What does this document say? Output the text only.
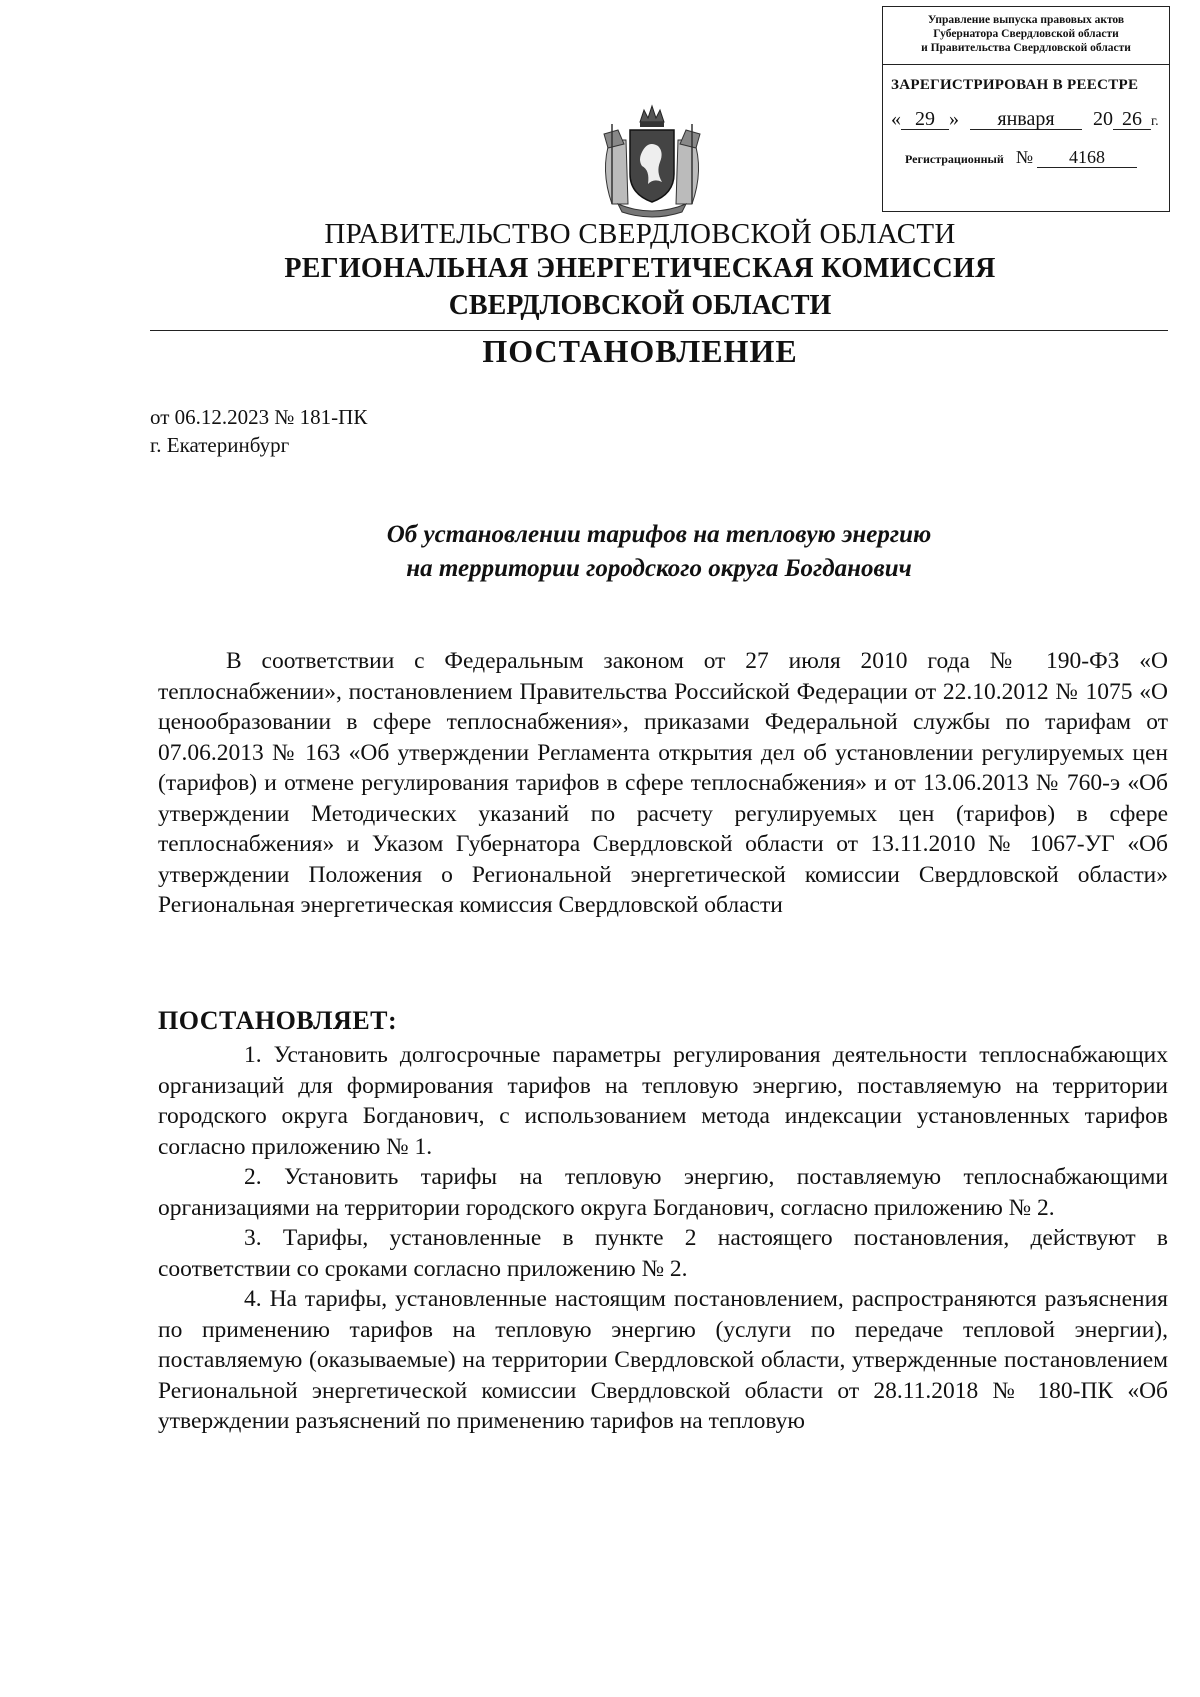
Управление выпуска правовых актов
Губернатора Свердловской области
и Правительства Свердловской области
ЗАРЕГИСТРИРОВАН В РЕЕСТРЕ
« 29 » января 20 26 г.
Регистрационный № 4168
ПРАВИТЕЛЬСТВО СВЕРДЛОВСКОЙ ОБЛАСТИ
РЕГИОНАЛЬНАЯ ЭНЕРГЕТИЧЕСКАЯ КОМИССИЯ
СВЕРДЛОВСКОЙ ОБЛАСТИ
ПОСТАНОВЛЕНИЕ
от 06.12.2023 № 181-ПК
г. Екатеринбург
Об установлении тарифов на тепловую энергию
на территории городского округа Богданович

В соответствии с Федеральным законом от 27 июля 2010 года № 190-ФЗ «О теплоснабжении», постановлением Правительства Российской Федерации от 22.10.2012 № 1075 «О ценообразовании в сфере теплоснабжения», приказами Федеральной службы по тарифам от 07.06.2013 № 163 «Об утверждении Регламента открытия дел об установлении регулируемых цен (тарифов) и отмене регулирования тарифов в сфере теплоснабжения» и от 13.06.2013 № 760-э «Об утверждении Методических указаний по расчету регулируемых цен (тарифов) в сфере теплоснабжения» и Указом Губернатора Свердловской области от 13.11.2010 № 1067-УГ «Об утверждении Положения о Региональной энергетической комиссии Свердловской области» Региональная энергетическая комиссия Свердловской области

ПОСТАНОВЛЯЕТ:

1. Установить долгосрочные параметры регулирования деятельности теплоснабжающих организаций для формирования тарифов на тепловую энергию, поставляемую на территории городского округа Богданович, с использованием метода индексации установленных тарифов согласно приложению № 1.

2. Установить тарифы на тепловую энергию, поставляемую теплоснабжающими организациями на территории городского округа Богданович, согласно приложению № 2.

3. Тарифы, установленные в пункте 2 настоящего постановления, действуют в соответствии со сроками согласно приложению № 2.

4. На тарифы, установленные настоящим постановлением, распространяются разъяснения по применению тарифов на тепловую энергию (услуги по передаче тепловой энергии), поставляемую (оказываемые) на территории Свердловской области, утвержденные постановлением Региональной энергетической комиссии Свердловской области от 28.11.2018 № 180-ПК «Об утверждении разъяснений по применению тарифов на тепловую
